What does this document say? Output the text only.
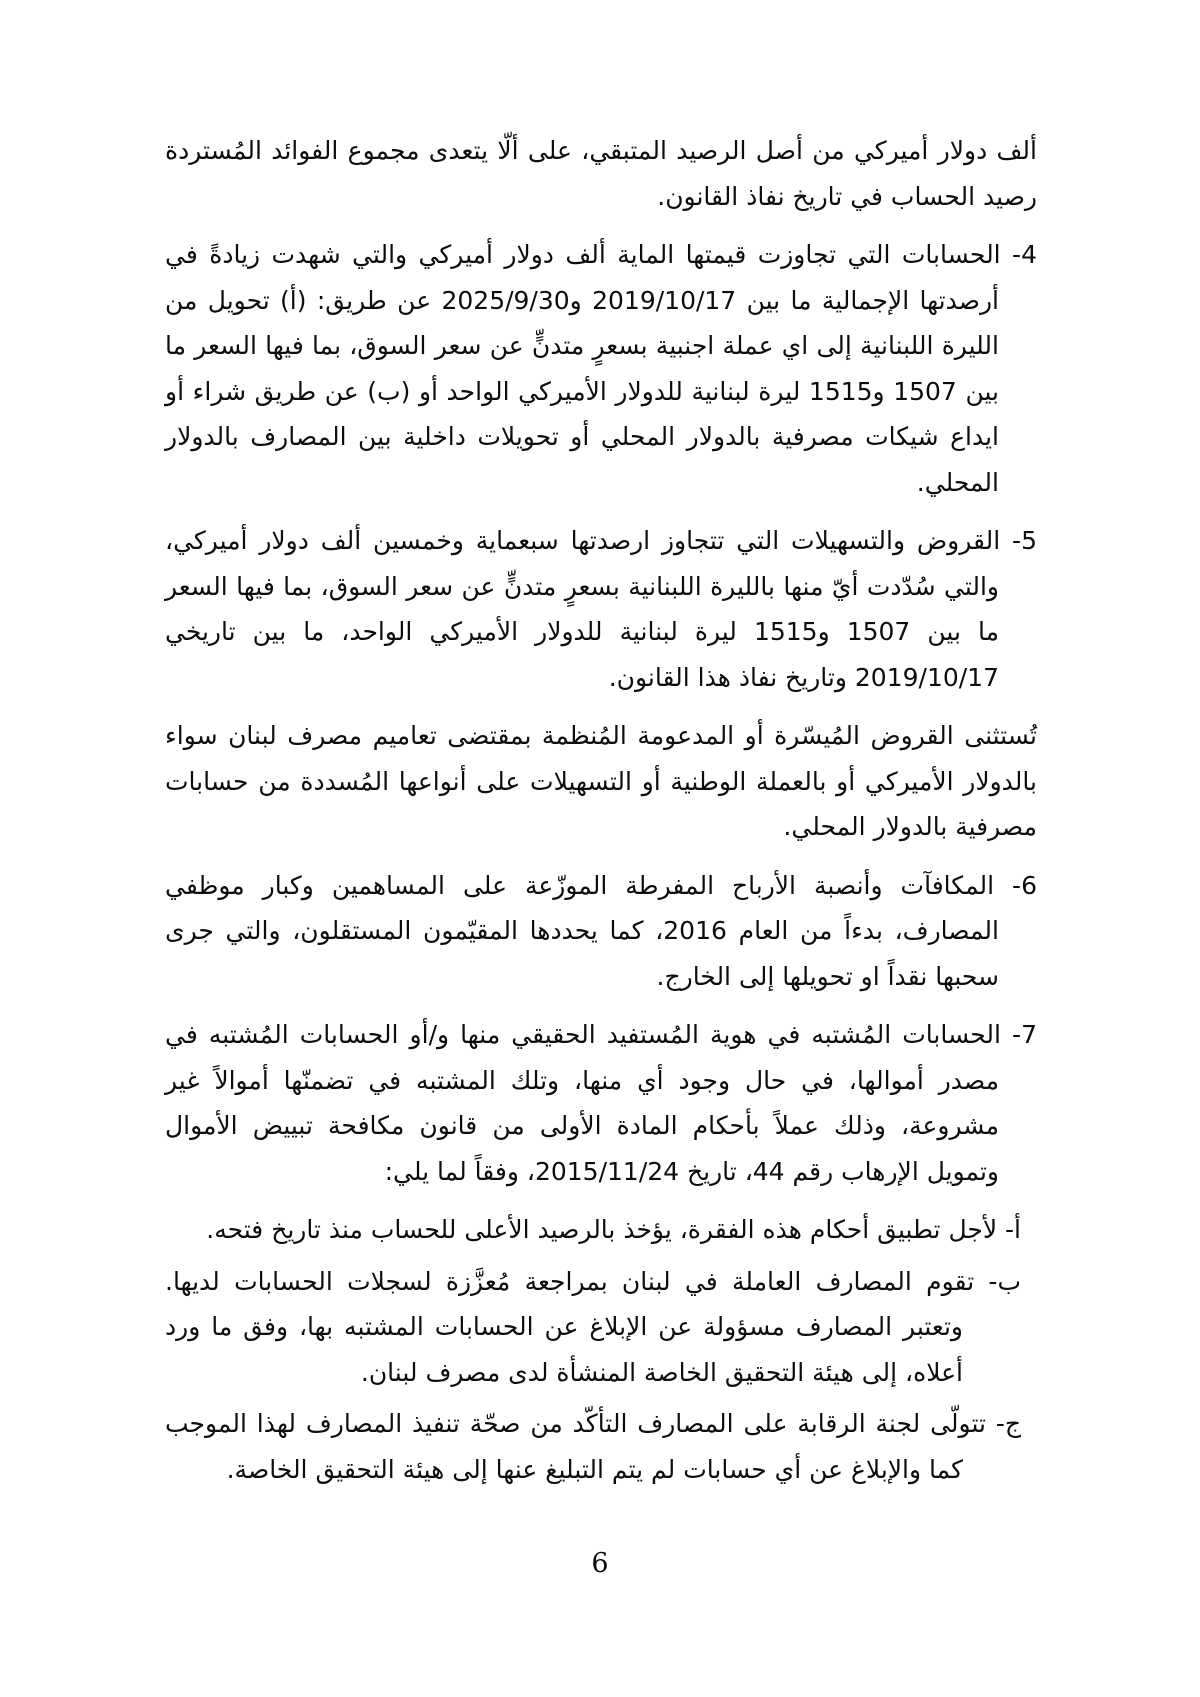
ألف دولار أميركي من أصل الرصيد المتبقي، على ألّا يتعدى مجموع الفوائد المُستردة رصيد الحساب في تاريخ نفاذ القانون.

4- الحسابات التي تجاوزت قيمتها الماية ألف دولار أميركي والتي شهدت زيادةً في أرصدتها الإجمالية ما بين 2019/10/17 و2025/9/30 عن طريق: (أ) تحويل من الليرة اللبنانية إلى اي عملة اجنبية بسعرٍ متدنٍّ عن سعر السوق، بما فيها السعر ما بين 1507 و1515 ليرة لبنانية للدولار الأميركي الواحد أو (ب) عن طريق شراء أو ايداع شيكات مصرفية بالدولار المحلي أو تحويلات داخلية بين المصارف بالدولار المحلي.

5- القروض والتسهيلات التي تتجاوز ارصدتها سبعماية وخمسين ألف دولار أميركي، والتي سُدّدت أيّ منها بالليرة اللبنانية بسعرٍ متدنٍّ عن سعر السوق، بما فيها السعر ما بين 1507 و1515 ليرة لبنانية للدولار الأميركي الواحد، ما بين تاريخي 2019/10/17 وتاريخ نفاذ هذا القانون.

تُستثنى القروض المُيسّرة أو المدعومة المُنظمة بمقتضى تعاميم مصرف لبنان سواء بالدولار الأميركي أو بالعملة الوطنية أو التسهيلات على أنواعها المُسددة من حسابات مصرفية بالدولار المحلي.

6- المكافآت وأنصبة الأرباح المفرطة الموزّعة على المساهمين وكبار موظفي المصارف، بدءاً من العام 2016، كما يحددها المقيّمون المستقلون، والتي جرى سحبها نقداً او تحويلها إلى الخارج.

7- الحسابات المُشتبه في هوية المُستفيد الحقيقي منها و/أو الحسابات المُشتبه في مصدر أموالها، في حال وجود أي منها، وتلك المشتبه في تضمنّها أموالاً غير مشروعة، وذلك عملاً بأحكام المادة الأولى من قانون مكافحة تبييض الأموال وتمويل الإرهاب رقم 44، تاريخ 2015/11/24، وفقاً لما يلي:

أ- لأجل تطبيق أحكام هذه الفقرة، يؤخذ بالرصيد الأعلى للحساب منذ تاريخ فتحه.

ب- تقوم المصارف العاملة في لبنان بمراجعة مُعزَّزة لسجلات الحسابات لديها. وتعتبر المصارف مسؤولة عن الإبلاغ عن الحسابات المشتبه بها، وفق ما ورد أعلاه، إلى هيئة التحقيق الخاصة المنشأة لدى مصرف لبنان.

ج- تتولّى لجنة الرقابة على المصارف التأكّد من صحّة تنفيذ المصارف لهذا الموجب كما والإبلاغ عن أي حسابات لم يتم التبليغ عنها إلى هيئة التحقيق الخاصة.

6
